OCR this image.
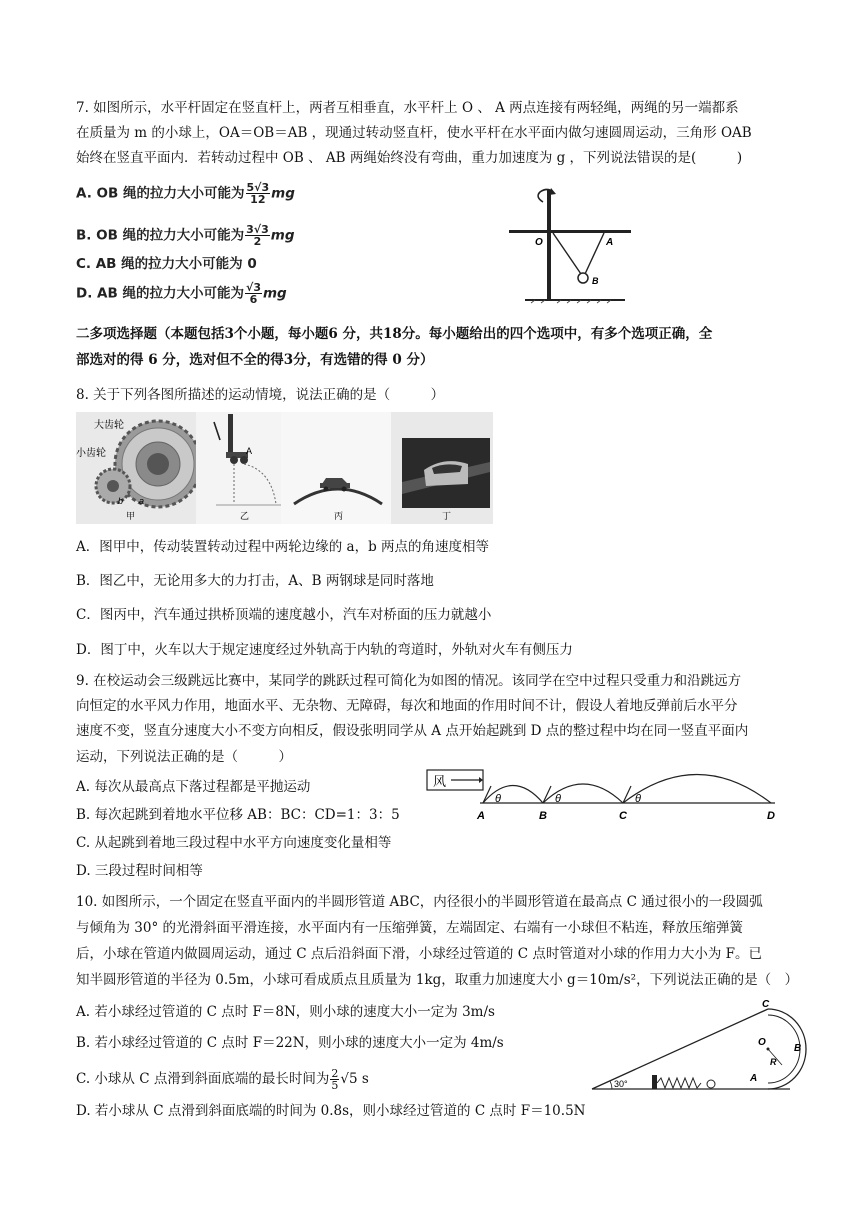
7. 如图所示，水平杆固定在竖直杆上，两者互相垂直，水平杆上 O 、 A 两点连接有两轻绳，两绳的另一端都系
在质量为 m 的小球上，OA＝OB＝AB ，现通过转动竖直杆，使水平杆在水平面内做匀速圆周运动，三角形 OAB
始终在竖直平面内．若转动过程中 OB 、 AB 两绳始终没有弯曲，重力加速度为 g ，下列说法错误的是(　　　)
A. OB 绳的拉力大小可能为 $\frac{5√3}{12}$ mg
B. OB 绳的拉力大小可能为 $\frac{3√3}{2}$ mg
C. AB 绳的拉力大小可能为 0
D. AB 绳的拉力大小可能为 $\frac{√3}{6}$ mg
O	A
B
二多项选择题（本题包括3个小题，每小题6 分，共18分。每小题给出的四个选项中，有多个选项正确，全
部选对的得 6 分，选对但不全的得3分，有选错的得 0 分）
8. 关于下列各图所描述的运动情境，说法正确的是（　　　）
大齿轮
小齿轮
b a
甲
A
乙	丙	丁
A．图甲中，传动装置转动过程中两轮边缘的 a，b 两点的角速度相等
B．图乙中，无论用多大的力打击，A、B 两钢球是同时落地
C．图丙中，汽车通过拱桥顶端的速度越小，汽车对桥面的压力就越小
D．图丁中，火车以大于规定速度经过外轨高于内轨的弯道时，外轨对火车有侧压力
9. 在校运动会三级跳远比赛中，某同学的跳跃过程可简化为如图的情况。该同学在空中过程只受重力和沿跳远方
向恒定的水平风力作用，地面水平、无杂物、无障碍，每次和地面的作用时间不计，假设人着地反弹前后水平分
速度不变，竖直分速度大小不变方向相反，假设张明同学从 A 点开始起跳到 D 点的整过程中均在同一竖直平面内
运动，下列说法正确的是（　　　）
A. 每次从最高点下落过程都是平抛运动
B. 每次起跳到着地水平位移 AB：BC：CD=1：3：5
C. 从起跳到着地三段过程中水平方向速度变化量相等
D. 三段过程时间相等
风
θ	θ	θ
A	B	C	D
10. 如图所示，一个固定在竖直平面内的半圆形管道 ABC，内径很小的半圆形管道在最高点 C 通过很小的一段圆弧
与倾角为 30° 的光滑斜面平滑连接，水平面内有一压缩弹簧，左端固定、右端有一小球但不粘连，释放压缩弹簧
后，小球在管道内做圆周运动，通过 C 点后沿斜面下滑，小球经过管道的 C 点时管道对小球的作用力大小为 F。已
知半圆形管道的半径为 0.5m，小球可看成质点且质量为 1kg，取重力加速度大小 g＝10m/s²，下列说法正确的是（　）
A. 若小球经过管道的 C 点时 F＝8N，则小球的速度大小一定为 3m/s
B. 若小球经过管道的 C 点时 F＝22N，则小球的速度大小一定为 4m/s
C. 小球从 C 点滑到斜面底端的最长时间为 $\frac{2}{5} √5$ s
D. 若小球从 C 点滑到斜面底端的时间为 0.8s，则小球经过管道的 C 点时 F＝10.5N
30°
C
O
B
R
A
